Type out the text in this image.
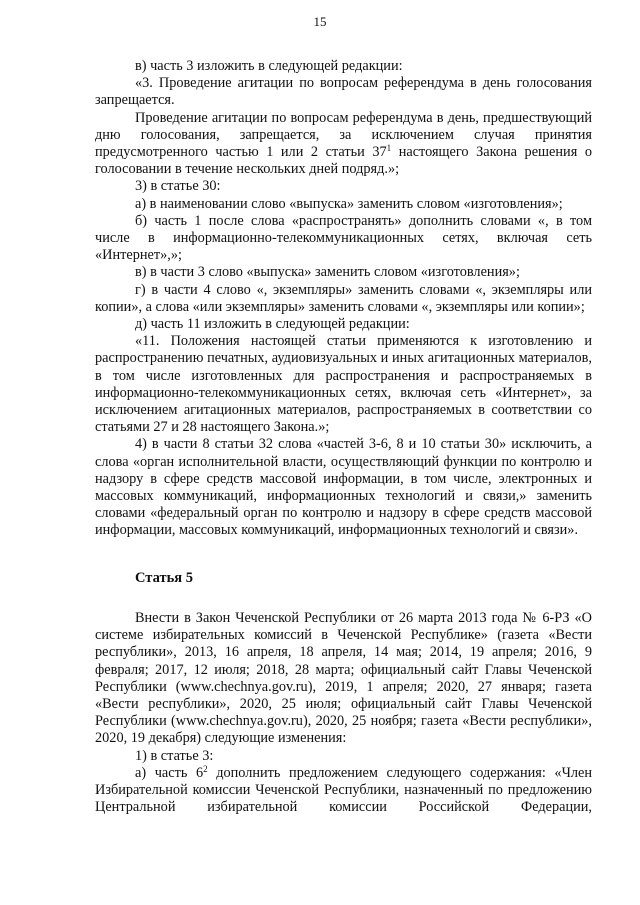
15

в) часть 3 изложить в следующей редакции:

«3. Проведение агитации по вопросам референдума в день голосования запрещается.

Проведение агитации по вопросам референдума в день, предшествующий дню голосования, запрещается, за исключением случая принятия предусмотренного частью 1 или 2 статьи $37^1$ настоящего Закона решения о голосовании в течение нескольких дней подряд.»;

3) в статье 30:

а) в наименовании слово «выпуска» заменить словом «изготовления»;

б) часть 1 после слова «распространять» дополнить словами «, в том числе в информационно-телекоммуникационных сетях, включая сеть «Интернет»,»;

в) в части 3 слово «выпуска» заменить словом «изготовления»;

г) в части 4 слово «, экземпляры» заменить словами «, экземпляры или копии», а слова «или экземпляры» заменить словами «, экземпляры или копии»;

д) часть 11 изложить в следующей редакции:

«11. Положения настоящей статьи применяются к изготовлению и распространению печатных, аудиовизуальных и иных агитационных материалов, в том числе изготовленных для распространения и распространяемых в информационно-телекоммуникационных сетях, включая сеть «Интернет», за исключением агитационных материалов, распространяемых в соответствии со статьями 27 и 28 настоящего Закона.»;

4) в части 8 статьи 32 слова «частей 3-6, 8 и 10 статьи 30» исключить, а слова «орган исполнительной власти, осуществляющий функции по контролю и надзору в сфере средств массовой информации, в том числе, электронных и массовых коммуникаций, информационных технологий и связи,» заменить словами «федеральный орган по контролю и надзору в сфере средств массовой информации, массовых коммуникаций, информационных технологий и связи».

Статья 5

Внести в Закон Чеченской Республики от 26 марта 2013 года № 6-РЗ «О системе избирательных комиссий в Чеченской Республике» (газета «Вести республики», 2013, 16 апреля, 18 апреля, 14 мая; 2014, 19 апреля; 2016, 9 февраля; 2017, 12 июля; 2018, 28 марта; официальный сайт Главы Чеченской Республики (www.chechnya.gov.ru), 2019, 1 апреля; 2020, 27 января; газета «Вести республики», 2020, 25 июля; официальный сайт Главы Чеченской Республики (www.chechnya.gov.ru), 2020, 25 ноября; газета «Вести республики», 2020, 19 декабря) следующие изменения:

1) в статье 3:

а) часть $6^2$ дополнить предложением следующего содержания: «Член Избирательной комиссии Чеченской Республики, назначенный по предложению Центральной избирательной комиссии Российской Федерации,
